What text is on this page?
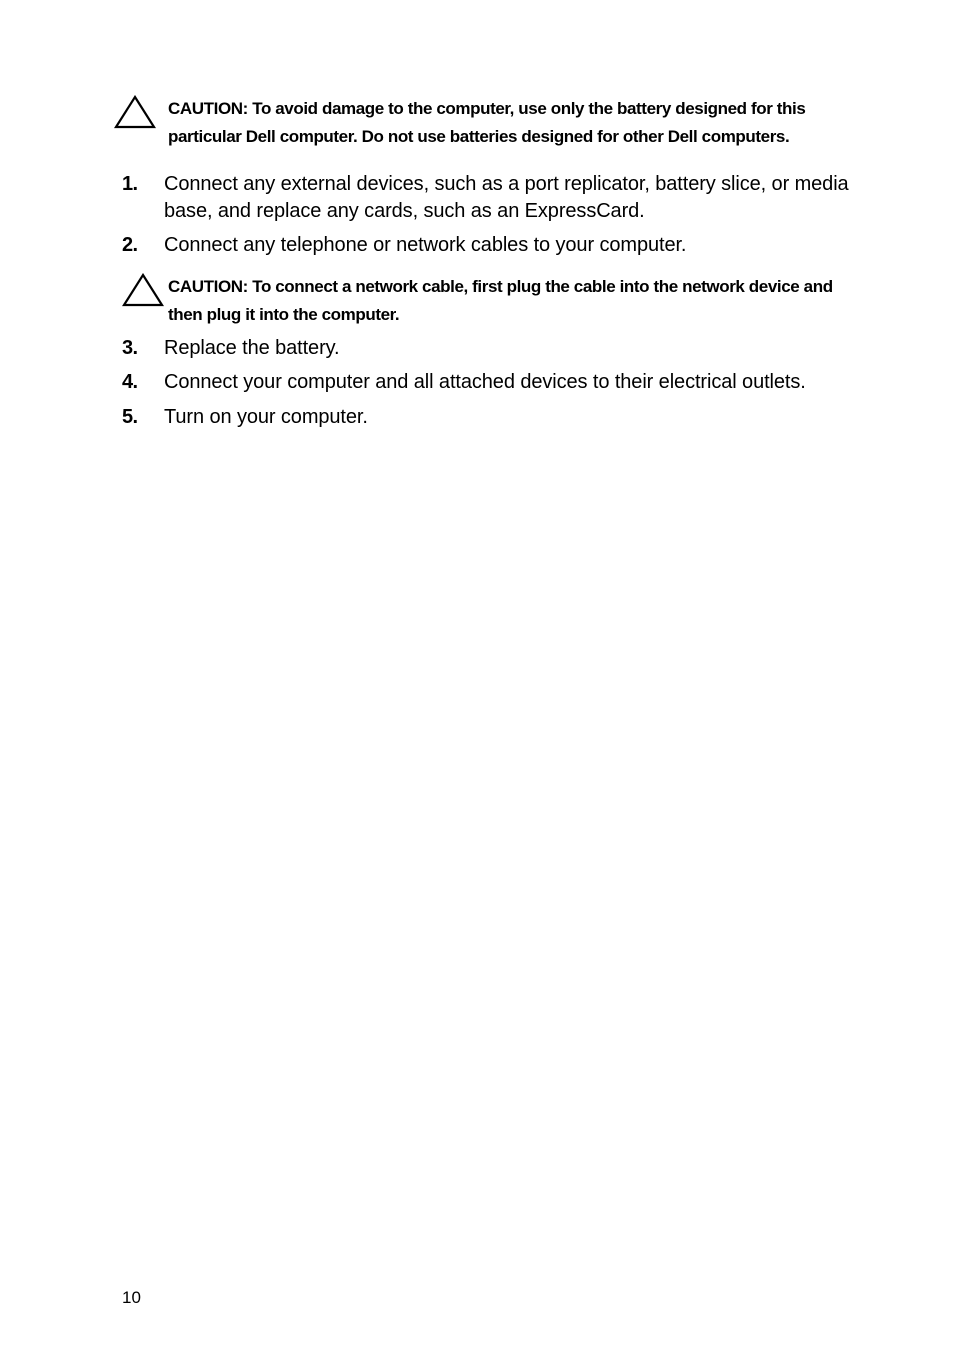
CAUTION: To avoid damage to the computer, use only the battery designed for this particular Dell computer. Do not use batteries designed for other Dell computers.

1. Connect any external devices, such as a port replicator, battery slice, or media base, and replace any cards, such as an ExpressCard.

2. Connect any telephone or network cables to your computer.

CAUTION: To connect a network cable, first plug the cable into the network device and then plug it into the computer.

3. Replace the battery.

4. Connect your computer and all attached devices to their electrical outlets.

5. Turn on your computer.

10
